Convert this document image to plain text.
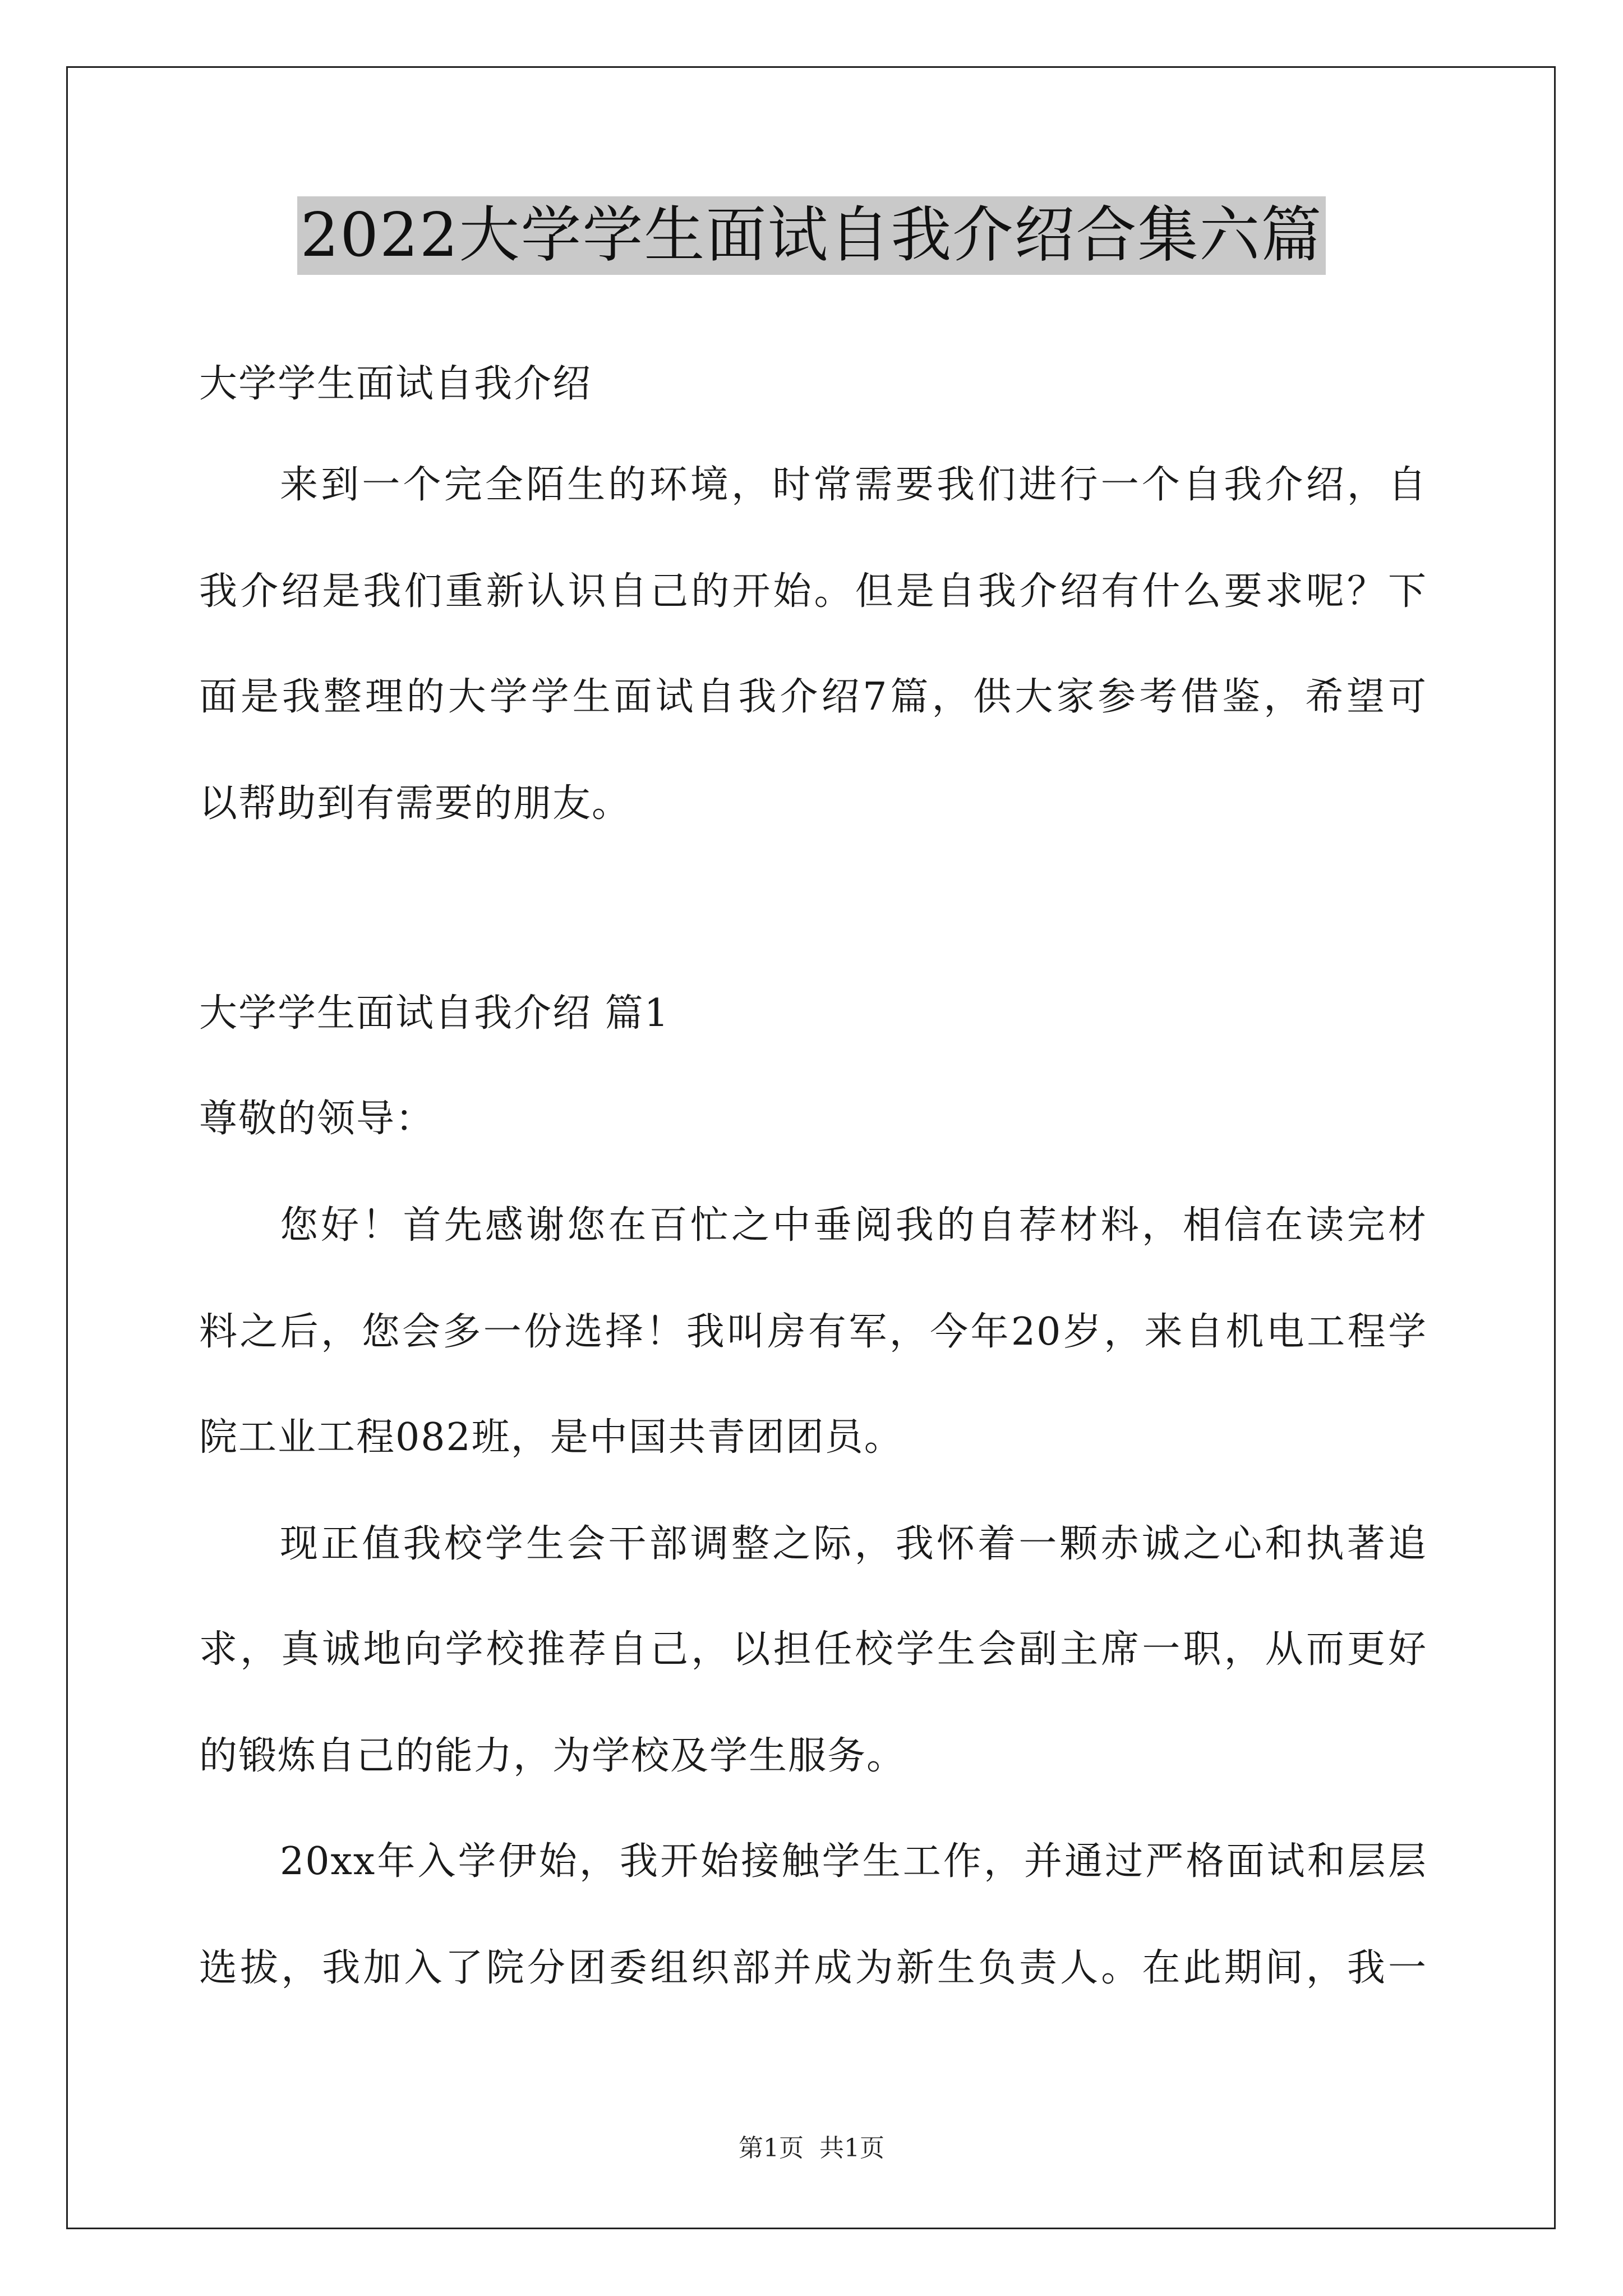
2022大学学生面试自我介绍合集六篇
大学学生面试自我介绍
来到一个完全陌生的环境，时常需要我们进行一个自我介绍，自
我介绍是我们重新认识自己的开始。但是自我介绍有什么要求呢？下
面是我整理的大学学生面试自我介绍7篇，供大家参考借鉴，希望可
以帮助到有需要的朋友。
大学学生面试自我介绍 篇1
尊敬的领导：
您好！首先感谢您在百忙之中垂阅我的自荐材料，相信在读完材
料之后，您会多一份选择！我叫房有军，今年20岁，来自机电工程学
院工业工程082班，是中国共青团团员。
现正值我校学生会干部调整之际，我怀着一颗赤诚之心和执著追
求，真诚地向学校推荐自己，以担任校学生会副主席一职，从而更好
的锻炼自己的能力，为学校及学生服务。
20xx年入学伊始，我开始接触学生工作，并通过严格面试和层层
选拔，我加入了院分团委组织部并成为新生负责人。在此期间，我一
第1页 共1页
